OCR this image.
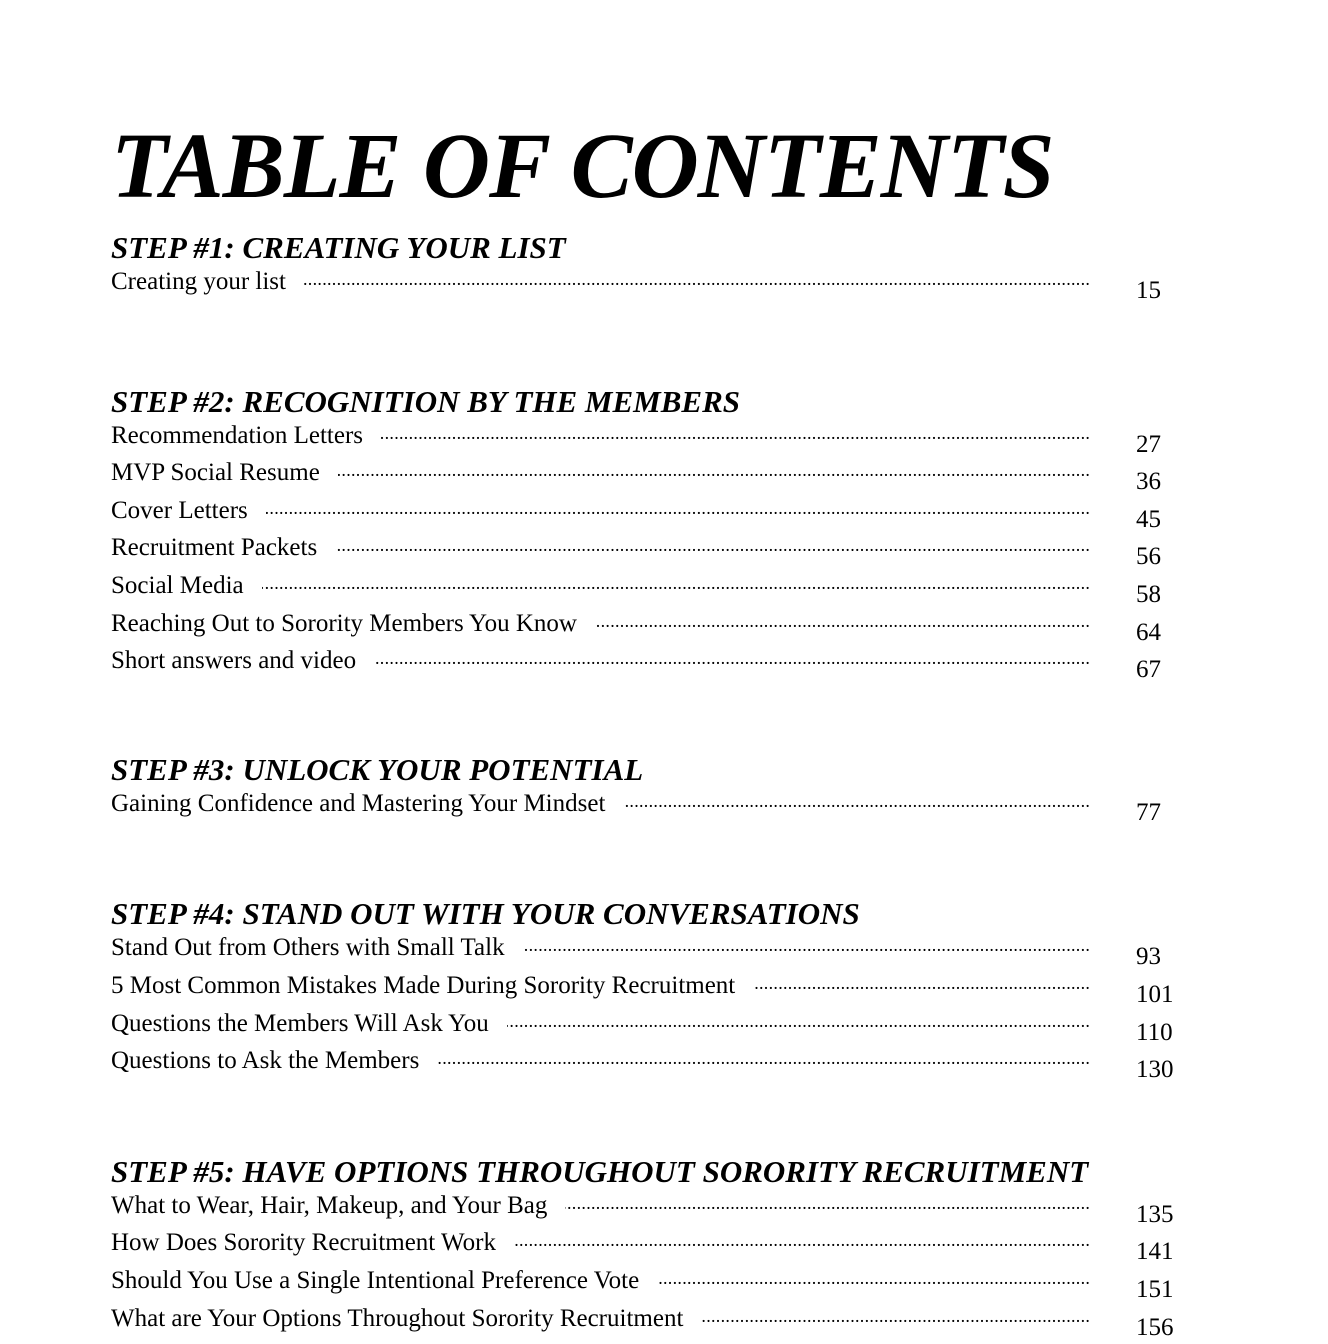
TABLE OF CONTENTS
STEP #1: CREATING YOUR LIST
Creating your list .....	15
STEP #2: RECOGNITION BY THE MEMBERS
Recommendation Letters .....	27
MVP Social Resume .....	36
Cover Letters .....	45
Recruitment Packets .....	56
Social Media .....	58
Reaching Out to Sorority Members You Know .....	64
Short answers and video .....	67
STEP #3: UNLOCK YOUR POTENTIAL
Gaining Confidence and Mastering Your Mindset .....	77
STEP #4: STAND OUT WITH YOUR CONVERSATIONS
Stand Out from Others with Small Talk .....	93
5 Most Common Mistakes Made During Sorority Recruitment .....	101
Questions the Members Will Ask You .....	110
Questions to Ask the Members .....	130
STEP #5: HAVE OPTIONS THROUGHOUT SORORITY RECRUITMENT
What to Wear, Hair, Makeup, and Your Bag .....	135
How Does Sorority Recruitment Work .....	141
Should You Use a Single Intentional Preference Vote .....	151
What are Your Options Throughout Sorority Recruitment .....	156
